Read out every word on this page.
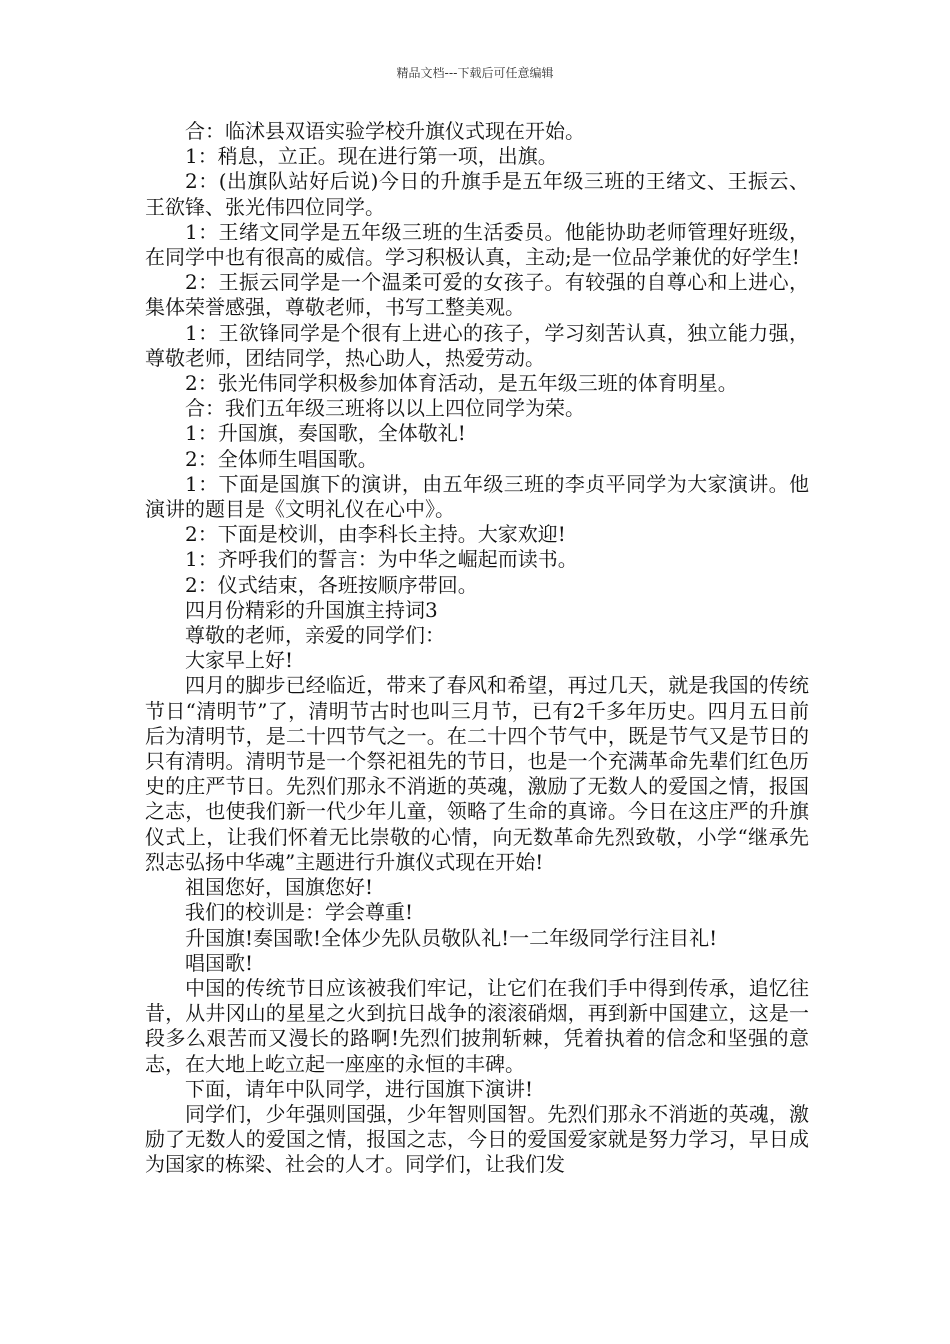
精品文档---下载后可任意编辑

合：临沭县双语实验学校升旗仪式现在开始。

1：稍息，立正。现在进行第一项，出旗。

2：(出旗队站好后说)今日的升旗手是五年级三班的王绪文、王振云、王欲锋、张光伟四位同学。

1：王绪文同学是五年级三班的生活委员。他能协助老师管理好班级，在同学中也有很高的威信。学习积极认真，主动;是一位品学兼优的好学生!

2：王振云同学是一个温柔可爱的女孩子。有较强的自尊心和上进心，集体荣誉感强，尊敬老师，书写工整美观。

1：王欲锋同学是个很有上进心的孩子，学习刻苦认真，独立能力强，尊敬老师，团结同学，热心助人，热爱劳动。

2：张光伟同学积极参加体育活动，是五年级三班的体育明星。

合：我们五年级三班将以以上四位同学为荣。

1：升国旗，奏国歌，全体敬礼!

2：全体师生唱国歌。

1：下面是国旗下的演讲，由五年级三班的李贞平同学为大家演讲。他演讲的题目是《文明礼仪在心中》。

2：下面是校训，由李科长主持。大家欢迎!

1：齐呼我们的誓言：为中华之崛起而读书。

2：仪式结束，各班按顺序带回。

四月份精彩的升国旗主持词3

尊敬的老师，亲爱的同学们：

大家早上好!

四月的脚步已经临近，带来了春风和希望，再过几天，就是我国的传统节日“清明节”了，清明节古时也叫三月节，已有2千多年历史。四月五日前后为清明节，是二十四节气之一。在二十四个节气中，既是节气又是节日的只有清明。清明节是一个祭祀祖先的节日，也是一个充满革命先辈们红色历史的庄严节日。先烈们那永不消逝的英魂，激励了无数人的爱国之情，报国之志，也使我们新一代少年儿童，领略了生命的真谛。今日在这庄严的升旗仪式上，让我们怀着无比崇敬的心情，向无数革命先烈致敬，小学“继承先烈志弘扬中华魂”主题进行升旗仪式现在开始!

祖国您好，国旗您好!

我们的校训是：学会尊重!

升国旗!奏国歌!全体少先队员敬队礼!一二年级同学行注目礼!

唱国歌!

中国的传统节日应该被我们牢记，让它们在我们手中得到传承，追忆往昔，从井冈山的星星之火到抗日战争的滚滚硝烟，再到新中国建立，这是一段多么艰苦而又漫长的路啊!先烈们披荆斩棘，凭着执着的信念和坚强的意志，在大地上屹立起一座座的永恒的丰碑。

下面，请年中队同学，进行国旗下演讲!

同学们，少年强则国强，少年智则国智。先烈们那永不消逝的英魂，激励了无数人的爱国之情，报国之志，今日的爱国爱家就是努力学习，早日成为国家的栋梁、社会的人才。同学们，让我们发
